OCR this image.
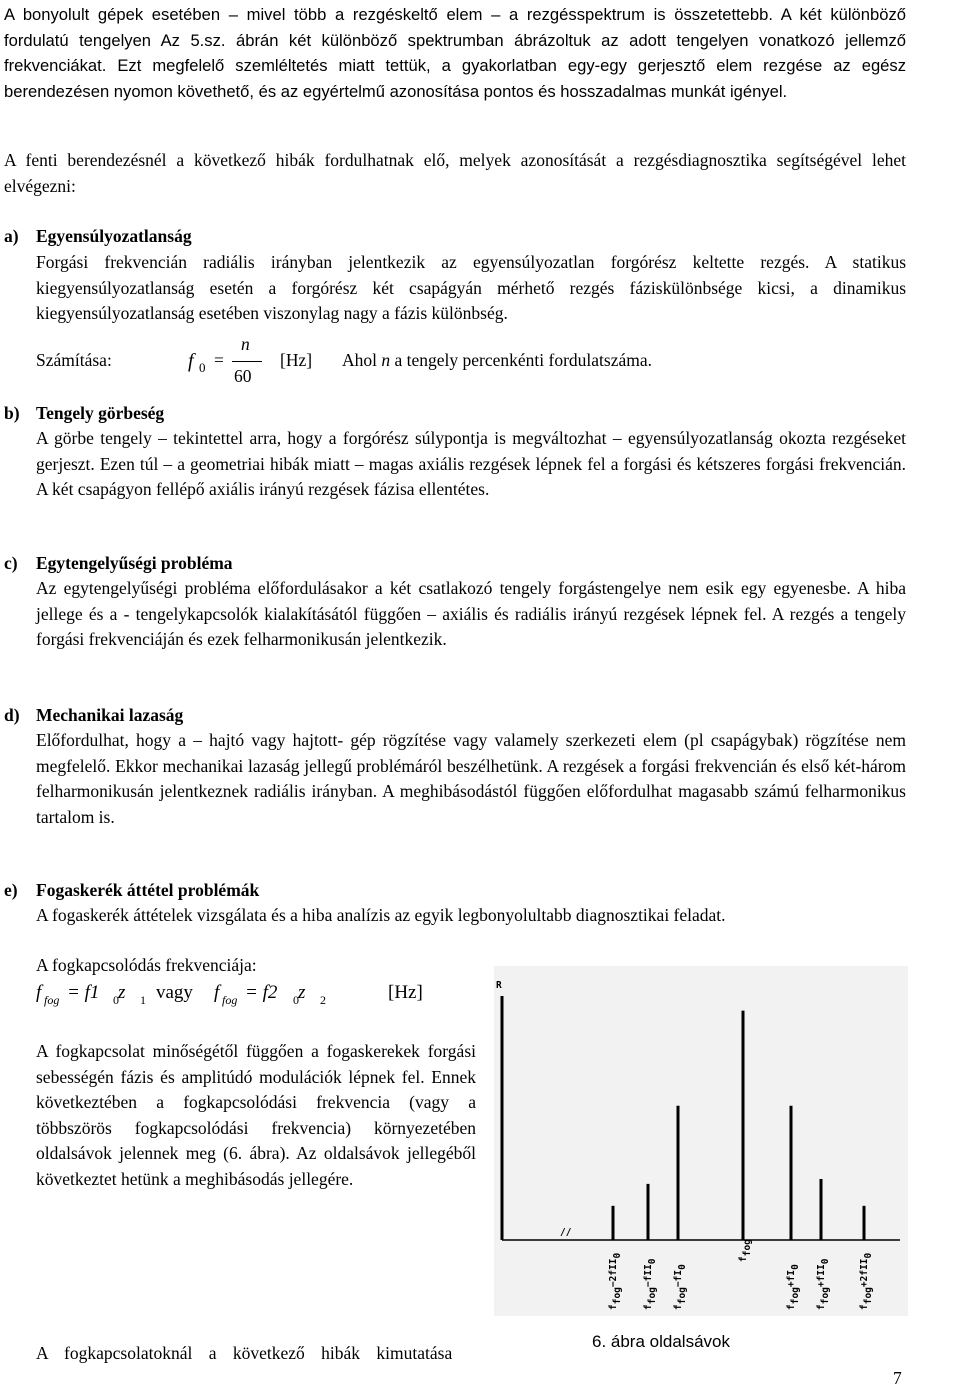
A bonyolult gépek esetében – mivel több a rezgéskeltő elem – a rezgésspektrum is összetettebb. A két különböző fordulatú tengelyen Az 5.sz. ábrán két különböző spektrumban ábrázoltuk az adott tengelyen vonatkozó jellemző frekvenciákat. Ezt megfelelő szemléltetés miatt tettük, a gyakorlatban egy-egy gerjesztő elem rezgése az egész berendezésen nyomon követhető, és az egyértelmű azonosítása pontos és hosszadalmas munkát igényel.

A fenti berendezésnél a következő hibák fordulhatnak elő, melyek azonosítását a rezgésdiagnosztika segítségével lehet elvégezni:

a) Egyensúlyozatlanság

Forgási frekvencián radiális irányban jelentkezik az egyensúlyozatlan forgórész keltette rezgés. A statikus kiegyensúlyozatlanság esetén a forgórész két csapágyán mérhető rezgés fáziskülönbsége kicsi, a dinamikus kiegyensúlyozatlanság esetében viszonylag nagy a fázis különbség.

Számítása:	f 0 =
n
60
[Hz] Ahol n a tengely percenkénti fordulatszáma.
b) Tengely görbeség

A görbe tengely – tekintettel arra, hogy a forgórész súlypontja is megváltozhat – egyensúlyozatlanság okozta rezgéseket gerjeszt. Ezen túl – a geometriai hibák miatt – magas axiális rezgések lépnek fel a forgási és kétszeres forgási frekvencián. A két csapágyon fellépő axiális irányú rezgések fázisa ellentétes.

c) Egytengelyűségi probléma

Az egytengelyűségi probléma előfordulásakor a két csatlakozó tengely forgástengelye nem esik egy egyenesbe. A hiba jellege és a - tengelykapcsolók kialakításától függően – axiális és radiális irányú rezgések lépnek fel. A rezgés a tengely forgási frekvenciáján és ezek felharmonikusán jelentkezik.

d) Mechanikai lazaság

Előfordulhat, hogy a – hajtó vagy hajtott- gép rögzítése vagy valamely szerkezeti elem (pl csapágybak) rögzítése nem megfelelő. Ekkor mechanikai lazaság jellegű problémáról beszélhetünk. A rezgések a forgási frekvencián és első két-három felharmonikusán jelentkeznek radiális irányban. A meghibásodástól függően előfordulhat magasabb számú felharmonikus tartalom is.

e) Fogaskerék áttétel problémák

A fogaskerék áttételek vizsgálata és a hiba analízis az egyik legbonyolultabb diagnosztikai feladat.

A fogkapcsolódás frekvenciája:
f fog = f1 0 z 1 vagy f fog = f2 0 z 2	[Hz]

A fogkapcsolat minőségétől függően a fogaskerekek forgási sebességén fázis és amplitúdó modulációk lépnek fel. Ennek következtében a fogkapcsolódási frekvencia (vagy a többszörös fogkapcsolódási frekvencia) környezetében oldalsávok jelennek meg (6. ábra). Az oldalsávok jellegéből következtet hetünk a meghibásodás jellegére.

R
//
ffog−2fII0
ffog−fII0
ffog−fI0
ffog
ffog+fI0
ffog+fII0
ffog+2fII0
6. ábra oldalsávok
A fogkapcsolatoknál a következő hibák kimutatása
7
